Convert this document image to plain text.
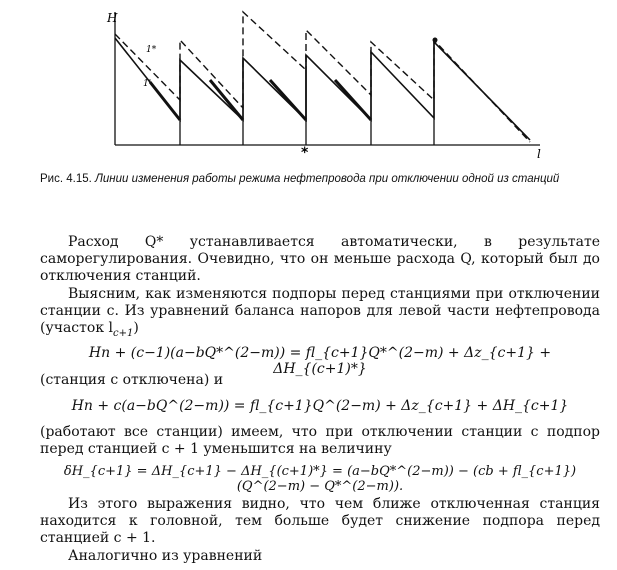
H
l
1*
1'
*
Рис. 4.15. Линии изменения работы режима нефтепровода при отключении одной из станций
Расход Q* устанавливается автоматически, в результате саморегулирования. Очевидно, что он меньше расхода Q, который был до отключения станций.
Выясним, как изменяются подпоры перед станциями при отключении станции c. Из уравнений баланса напоров для левой части нефтепровода (участок $l_{c+1}$)
Hп + (c−1)(a−bQ*^(2−m)) = fl_{c+1}Q*^(2−m) + Δz_{c+1} + ΔH_{(c+1)*}
(станция c отключена) и
Hп + c(a−bQ^(2−m)) = fl_{c+1}Q^(2−m) + Δz_{c+1} + ΔH_{c+1}
(работают все станции) имеем, что при отключении станции c подпор перед станцией c + 1 уменьшится на величину
δH_{c+1} = ΔH_{c+1} − ΔH_{(c+1)*} = (a−bQ*^(2−m)) − (cb + fl_{c+1})(Q^(2−m) − Q*^(2−m)).
Из этого выражения видно, что чем ближе отключенная станция находится к головной, тем больше будет снижение подпора перед станцией c + 1.
Аналогично из уравнений
